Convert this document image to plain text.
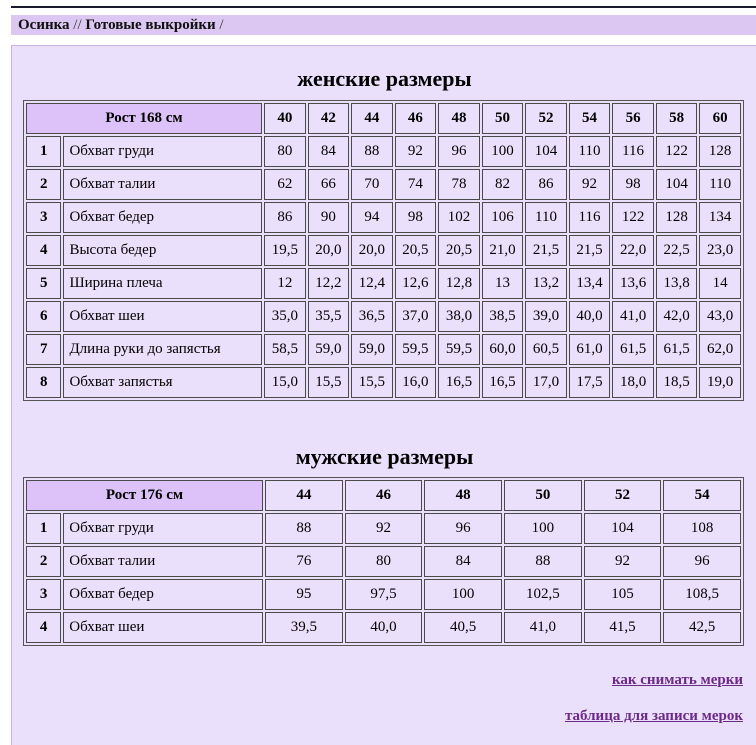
Осинка // Готовые выкройки /
женские размеры
Рост 168 см		40	42	44	46	48	50	52	54	56	58	60
1	Обхват груди	80	84	88	92	96	100	104	110	116	122	128
2	Обхват талии	62	66	70	74	78	82	86	92	98	104	110
3	Обхват бедер	86	90	94	98	102	106	110	116	122	128	134
4	Высота бедер	19,5	20,0	20,0	20,5	20,5	21,0	21,5	21,5	22,0	22,5	23,0
5	Ширина плеча	12	12,2	12,4	12,6	12,8	13	13,2	13,4	13,6	13,8	14
6	Обхват шеи	35,0	35,5	36,5	37,0	38,0	38,5	39,0	40,0	41,0	42,0	43,0
7	Длина руки до запястья	58,5	59,0	59,0	59,5	59,5	60,0	60,5	61,0	61,5	61,5	62,0
8	Обхват запястья	15,0	15,5	15,5	16,0	16,5	16,5	17,0	17,5	18,0	18,5	19,0
мужские размеры
Рост 176 см		44	46	48	50	52	54
1	Обхват груди	88	92	96	100	104	108
2	Обхват талии	76	80	84	88	92	96
3	Обхват бедер	95	97,5	100	102,5	105	108,5
4	Обхват шеи	39,5	40,0	40,5	41,0	41,5	42,5
как снимать мерки
таблица для записи мерок
